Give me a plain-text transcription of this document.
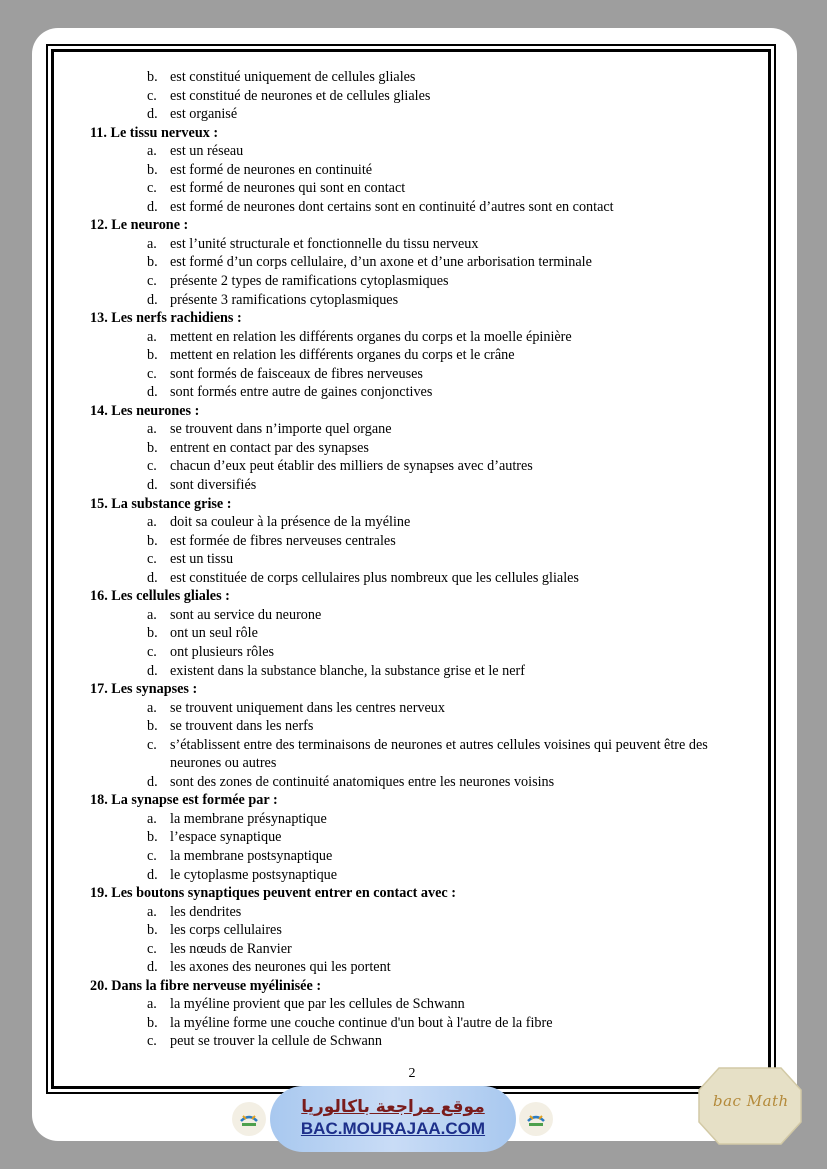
b. est constitué uniquement de cellules gliales
c. est constitué de neurones et de cellules gliales
d. est organisé
11. Le tissu nerveux :
a. est un réseau
b. est formé de neurones en continuité
c. est formé de neurones qui sont en contact
d. est formé de neurones dont certains sont en continuité d’autres sont en contact
12. Le neurone :
a. est l’unité structurale et fonctionnelle du tissu nerveux
b. est formé d’un corps cellulaire, d’un axone et d’une arborisation terminale
c. présente 2 types de ramifications cytoplasmiques
d. présente 3 ramifications cytoplasmiques
13. Les nerfs rachidiens :
a. mettent en relation les différents organes du corps et la moelle épinière
b. mettent en relation les différents organes du corps et le crâne
c. sont formés de faisceaux de fibres nerveuses
d. sont formés entre autre de gaines conjonctives
14. Les neurones :
a. se trouvent dans n’importe quel organe
b. entrent en contact par des synapses
c. chacun d’eux peut établir des milliers de synapses avec d’autres
d. sont diversifiés
15. La substance grise :
a. doit sa couleur à la présence de la myéline
b. est formée de fibres nerveuses centrales
c. est un tissu
d. est constituée de corps cellulaires plus nombreux que les cellules gliales
16. Les cellules gliales :
a. sont au service du neurone
b. ont un seul rôle
c. ont plusieurs rôles
d. existent dans la substance blanche, la substance grise et le nerf
17. Les synapses :
a. se trouvent uniquement dans les centres nerveux
b. se trouvent dans les nerfs
c. s’établissent entre des terminaisons de neurones et autres cellules voisines qui peuvent être des neurones ou autres
d. sont des zones de continuité anatomiques entre les neurones voisins
18. La synapse est formée par :
a. la membrane présynaptique
b. l’espace synaptique
c. la membrane postsynaptique
d. le cytoplasme postsynaptique
19. Les boutons synaptiques peuvent entrer en contact avec :
a. les dendrites
b. les corps cellulaires
c. les nœuds de Ranvier
d. les axones des neurones qui les portent
20. Dans la fibre nerveuse myélinisée :
a. la myéline provient que par les cellules de Schwann
b. la myéline forme une couche continue d'un bout à l'autre de la fibre
c. peut se trouver la cellule de Schwann
2
موقع مراجعة باكالوريا
BAC.MOURAJAA.COM
bac Math
